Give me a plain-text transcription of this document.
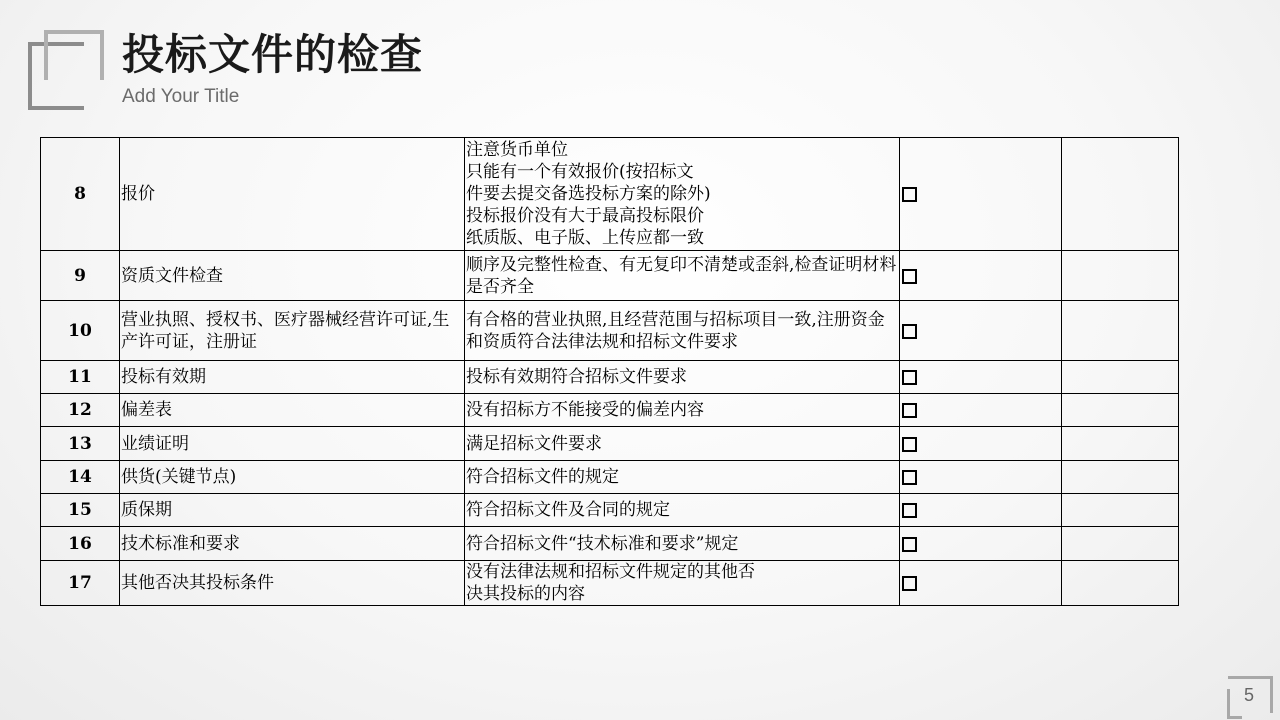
投标文件的检查
Add Your Title
8	报价	注意货币单位
只能有一个有效报价(按招标文
件要去提交备选投标方案的除外)
投标报价没有大于最高投标限价
纸质版、电子版、上传应都一致		
9	资质文件检查	顺序及完整性检查、有无复印不清楚或歪斜,检查证明材料是否齐全		
10	营业执照、授权书、医疗器械经营许可证,生产许可证，注册证	有合格的营业执照,且经营范围与招标项目一致,注册资金和资质符合法律法规和招标文件要求		
11	投标有效期	投标有效期符合招标文件要求		
12	偏差表	没有招标方不能接受的偏差内容		
13	业绩证明	满足招标文件要求		
14	供货(关键节点)	符合招标文件的规定		
15	质保期	符合招标文件及合同的规定		
16	技术标准和要求	符合招标文件“技术标准和要求”规定		
17	其他否决其投标条件	没有法律法规和招标文件规定的其他否
决其投标的内容		
5
